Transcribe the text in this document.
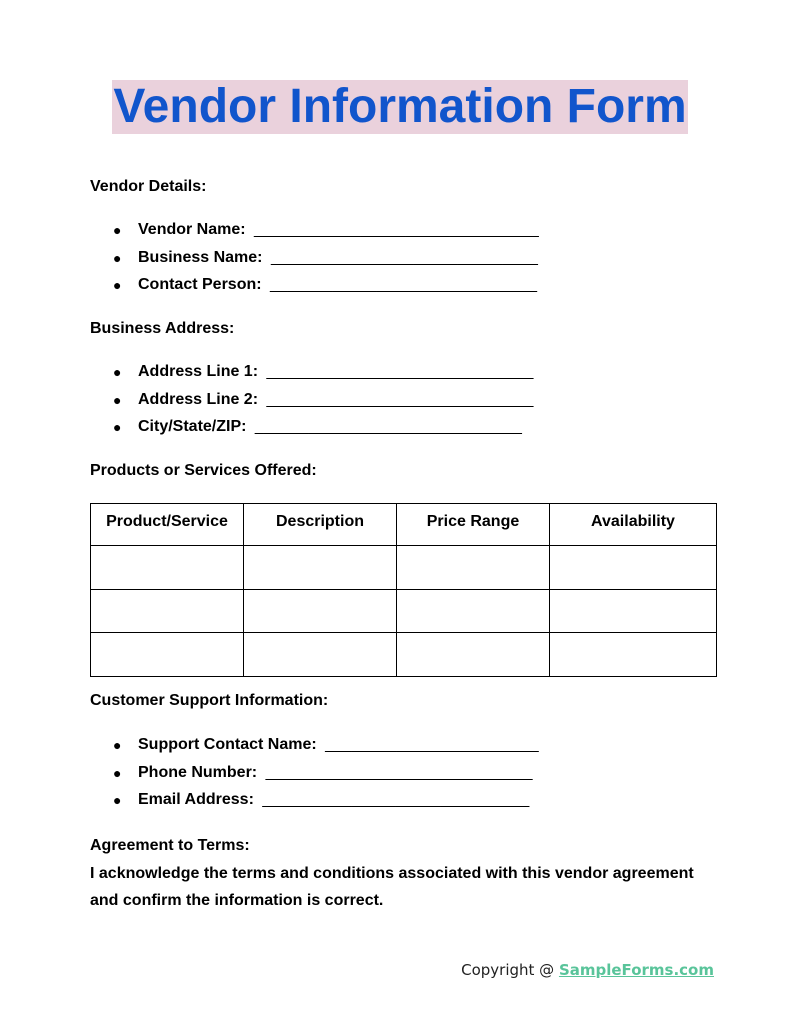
Vendor Information Form
Vendor Details:
● Vendor Name: ________________________________
● Business Name: ______________________________
● Contact Person: ______________________________
Business Address:
● Address Line 1: ______________________________
● Address Line 2: ______________________________
● City/State/ZIP: ______________________________
Products or Services Offered:
Product/Service	Description	Price Range	Availability

Customer Support Information:
● Support Contact Name: ________________________
● Phone Number: ______________________________
● Email Address: ______________________________
Agreement to Terms:
I acknowledge the terms and conditions associated with this vendor agreement and confirm the information is correct.
Copyright @ SampleForms.com
